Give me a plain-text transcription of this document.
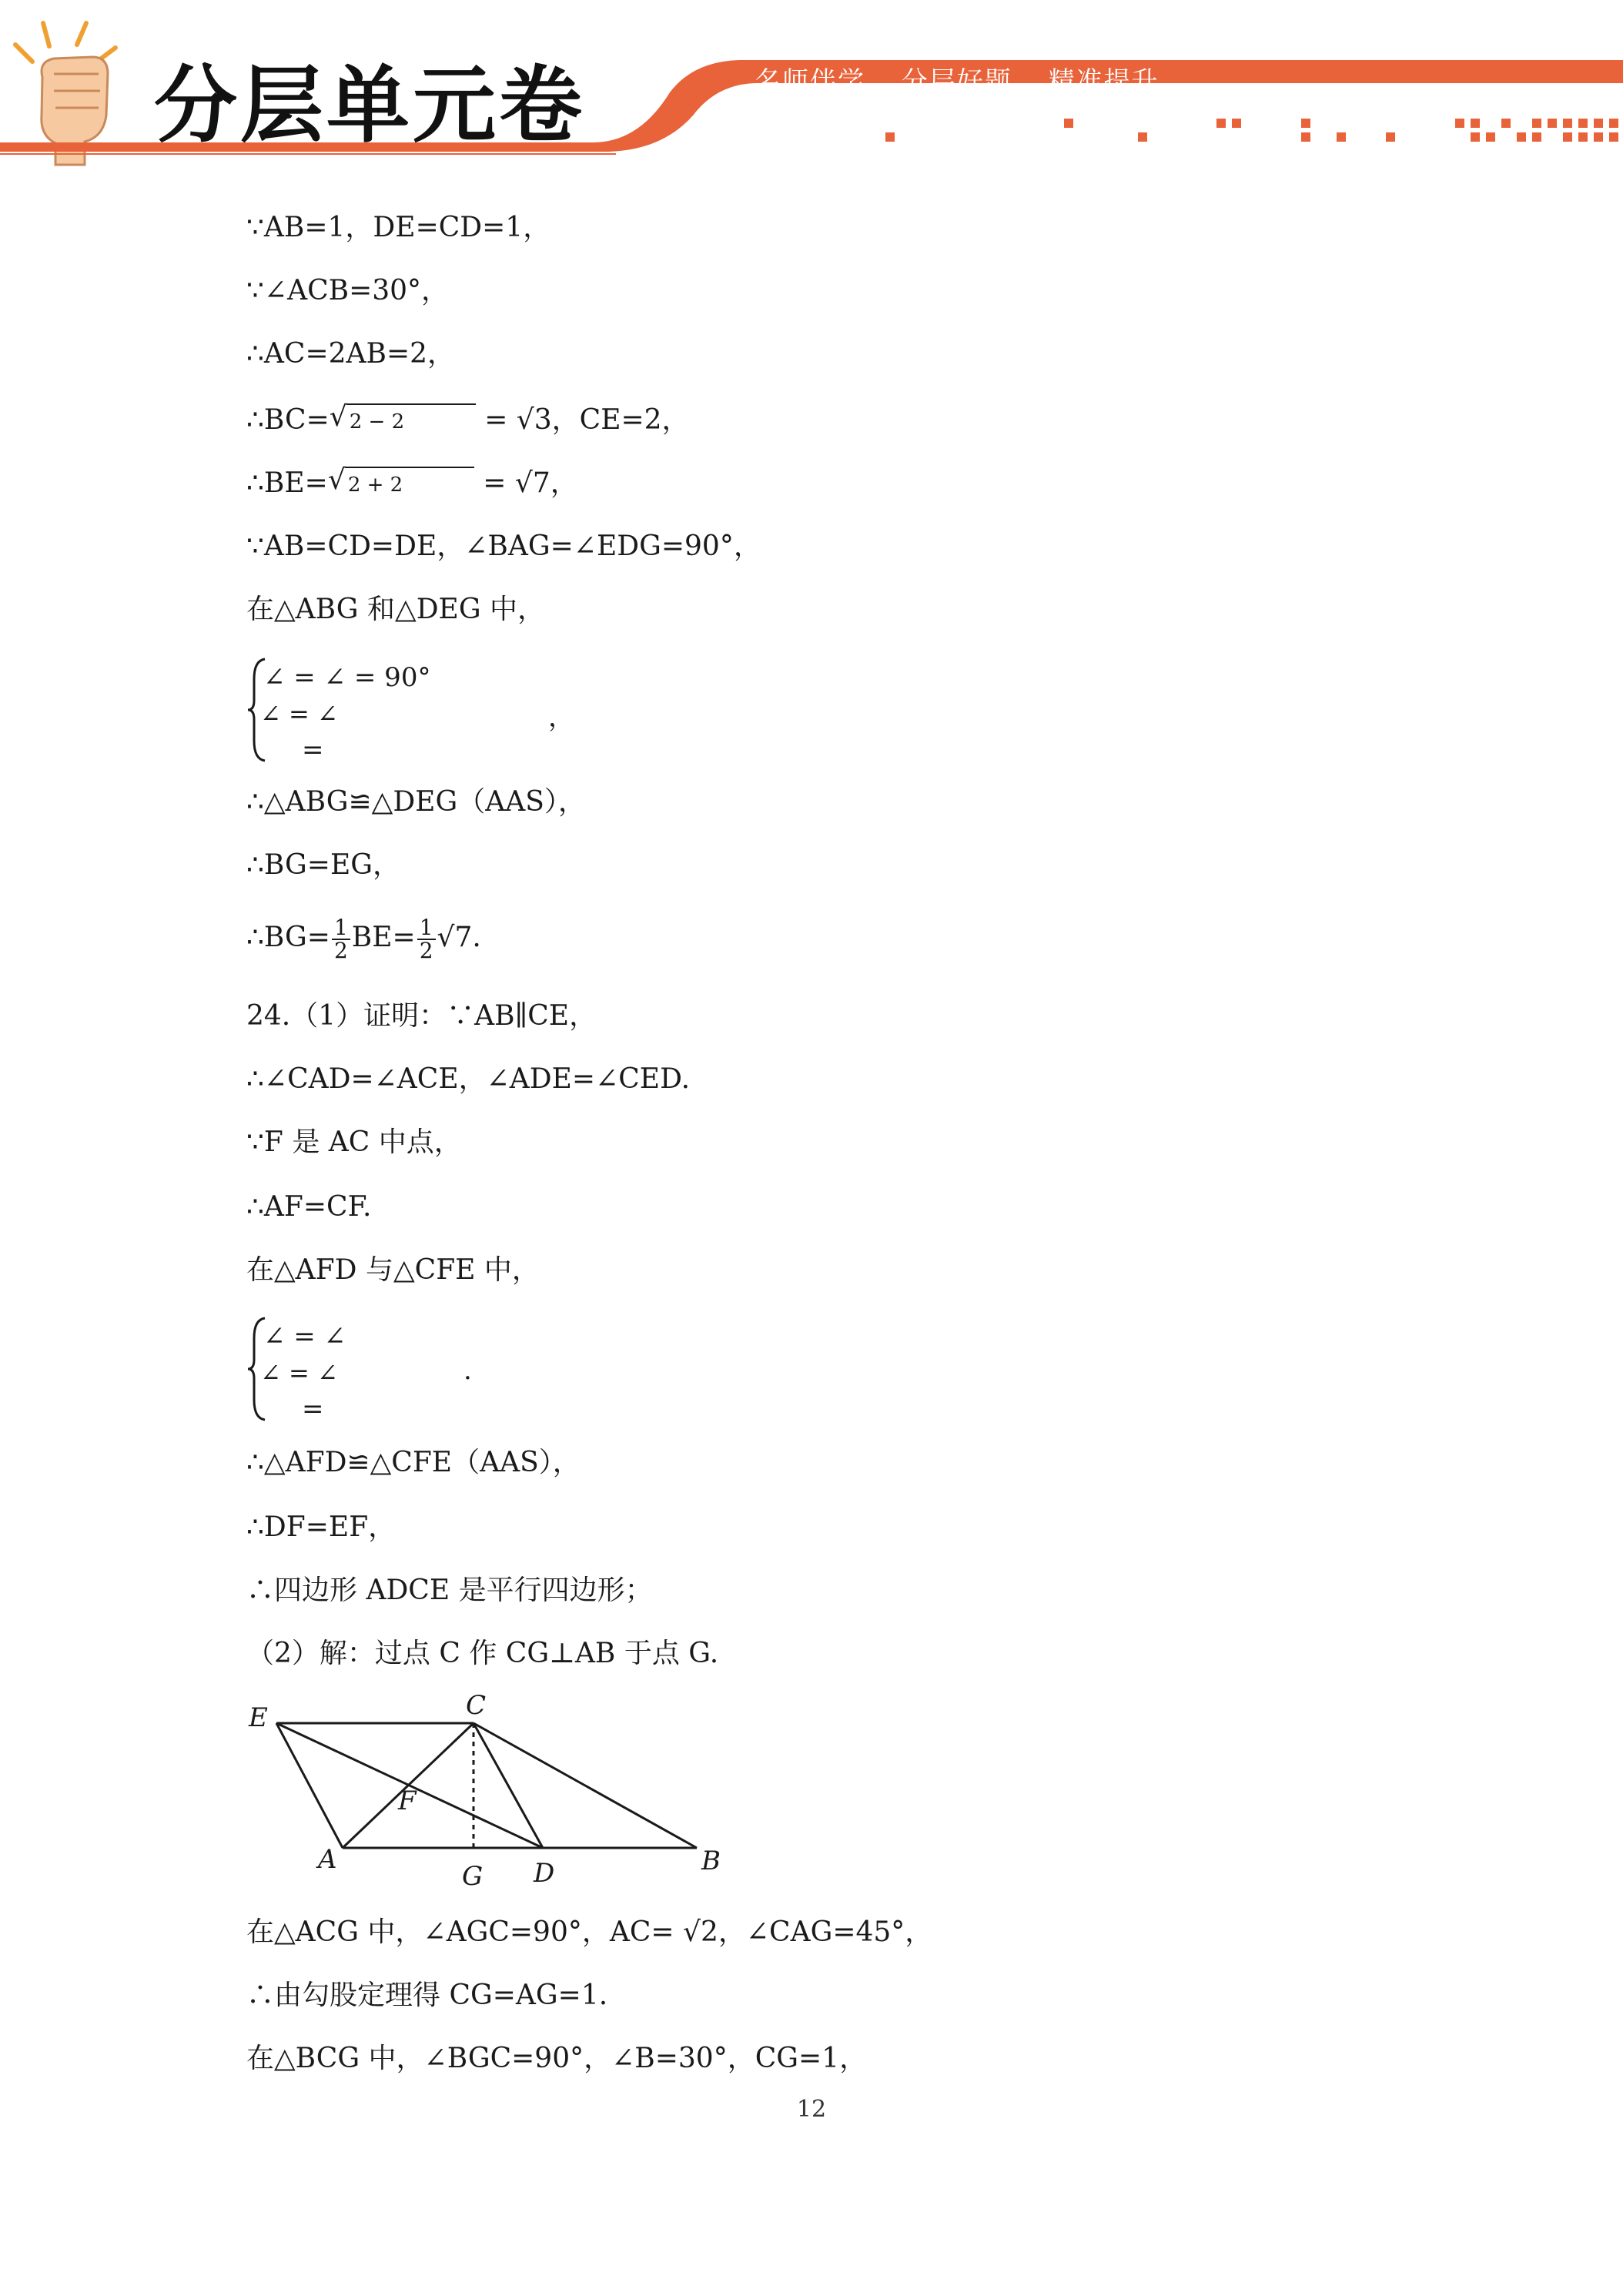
分层单元卷	名师伴学 分层好题 精准提升
∵AB=1，DE=CD=1，
∵∠ACB=30°，
∴AC=2AB=2，
∴BC= √ 2 − 2	= √3，CE=2，
∴BE= √ 2 + 2	= √7，
∵AB=CD=DE，∠BAG=∠EDG=90°，
在△ABG 和△DEG 中，
∠ = ∠ = 90°
∠ = ∠
=
，
∴△ABG≌△DEG（AAS），
∴BG=EG，
∴BG= $\frac{1}{2} BE= \frac{1}{2} √7$.
24.（1）证明：∵AB∥CE，
∴∠CAD=∠ACE，∠ADE=∠CED.
∵F 是 AC 中点，
∴AF=CF.
在△AFD 与△CFE 中，
∠ = ∠
∠ = ∠
=
.
∴△AFD≌△CFE（AAS），
∴DF=EF，
∴四边形 ADCE 是平行四边形；
（2）解：过点 C 作 CG⊥AB 于点 G.
在△ACG 中，∠AGC=90°，AC= √2，∠CAG=45°，
∴由勾股定理得 CG=AG=1.
在△BCG 中，∠BGC=90°，∠B=30°，CG=1，
E	C
F
A
G D	B
12
